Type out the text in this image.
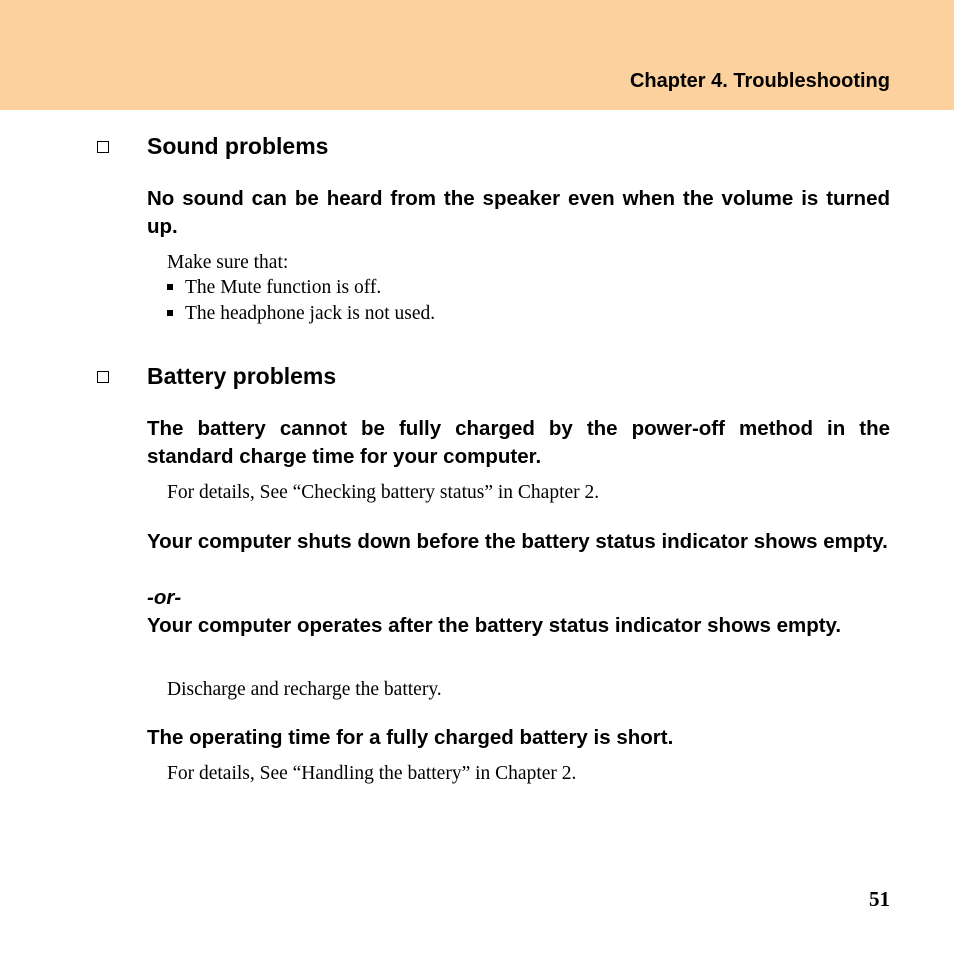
Chapter 4. Troubleshooting
Sound problems
No sound can be heard from the speaker even when the volume is turned up.
Make sure that:
The Mute function is off.
The headphone jack is not used.
Battery problems
The battery cannot be fully charged by the power-off method in the standard charge time for your computer.
For details, See “Checking battery status” in Chapter 2.
Your computer shuts down before the battery status indicator shows empty.
-or-
Your computer operates after the battery status indicator shows empty.
Discharge and recharge the battery.
The operating time for a fully charged battery is short.
For details, See “Handling the battery” in Chapter 2.
51
